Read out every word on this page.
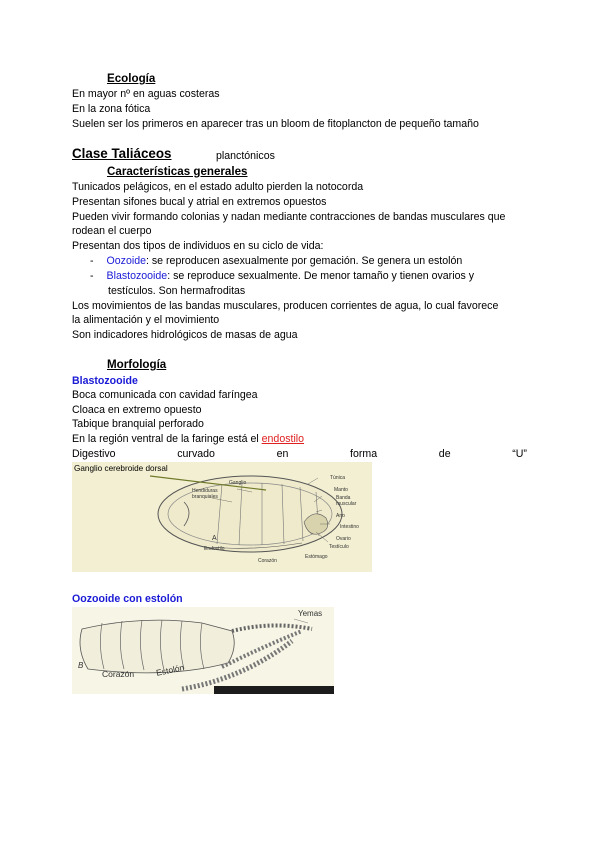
Ecología
En mayor nº en aguas costeras
En la zona fótica
Suelen ser los primeros en aparecer tras un bloom de fitoplancton de pequeño tamaño
Clase Taliáceos	planctónicos
Características generales
Tunicados pelágicos, en el estado adulto pierden la notocorda
Presentan sifones bucal y atrial en extremos opuestos
Pueden vivir formando colonias y nadan mediante contracciones de bandas musculares que
rodean el cuerpo
Presentan dos tipos de individuos en su ciclo de vida:
- Oozoide: se reproducen asexualmente por gemación. Se genera un estolón
- Blastozooide: se reproduce sexualmente. De menor tamaño y tienen ovarios y
testículos. Son hermafroditas
Los movimientos de las bandas musculares, producen corrientes de agua, lo cual favorece
la alimentación y el movimiento
Son indicadores hidrológicos de masas de agua
Morfología
Blastozooide
Boca comunicada con cavidad faríngea
Cloaca en extremo opuesto
Tabique branquial perforado
En la región ventral de la faringe está el endostilo
Digestivo	curvado	en	forma	de	“U”
Ganglio cerebroide dorsal
Ganglio
Hendiduras
branquiales
Túnica
Manto
Banda
muscular
Ano
Intestino
Ovario
Testículo
Estómago
Corazón
Endostilo
A
Oozooide con estolón
Yemas
Corazón Estolón
B
